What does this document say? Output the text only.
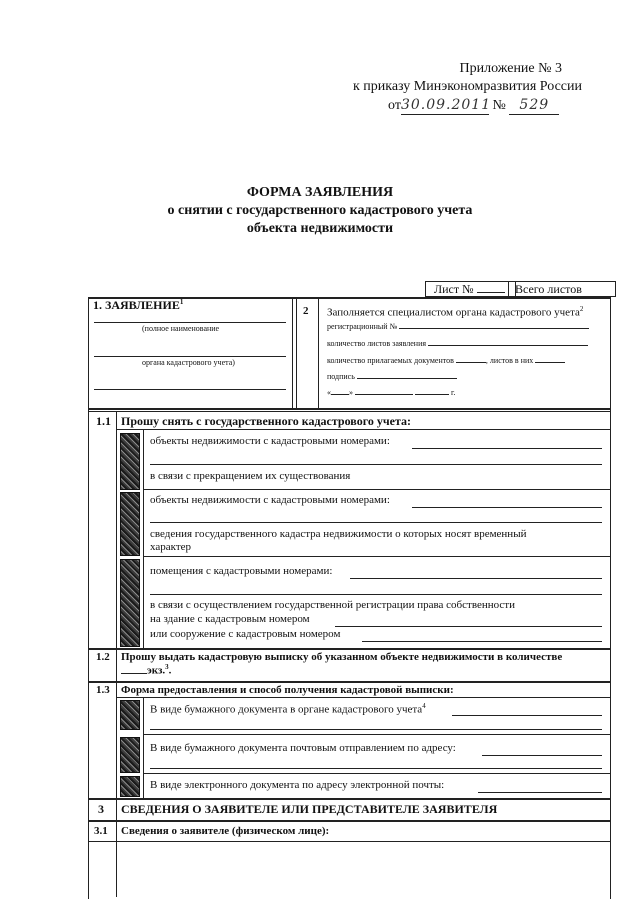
Приложение № 3
к приказу Минэкономразвития России
от30.09.2011 № 529
ФОРМА ЗАЯВЛЕНИЯ
о снятии с государственного кадастрового учета
объекта недвижимости
Лист №	Всего листов
1. ЗАЯВЛЕНИЕ$^1$
(полное наименование
органа кадастрового учета)
2 Заполняется специалистом органа кадастрового учета$^2$
регистрационный №
количество листов заявления
количество прилагаемых документов	, листов в них
подпись
« »	г.
1.1 Прошу снять с государственного кадастрового учета:
объекты недвижимости с кадастровыми номерами:
в связи с прекращением их существования
объекты недвижимости с кадастровыми номерами:
сведения государственного кадастра недвижимости о которых носят временный
характер
помещения с кадастровыми номерами:
в связи с осуществлением государственной регистрации права собственности
на здание с кадастровым номером
или сооружение с кадастровым номером
1.2 Прошу выдать кадастровую выписку об указанном объекте недвижимости в количестве
экз.$^3$.
1.3 Форма предоставления и способ получения кадастровой выписки:
В виде бумажного документа в органе кадастрового учета$^4$
В виде бумажного документа почтовым отправлением по адресу:
В виде электронного документа по адресу электронной почты:
3 СВЕДЕНИЯ О ЗАЯВИТЕЛЕ ИЛИ ПРЕДСТАВИТЕЛЕ ЗАЯВИТЕЛЯ
3.1 Сведения о заявителе (физическом лице):
